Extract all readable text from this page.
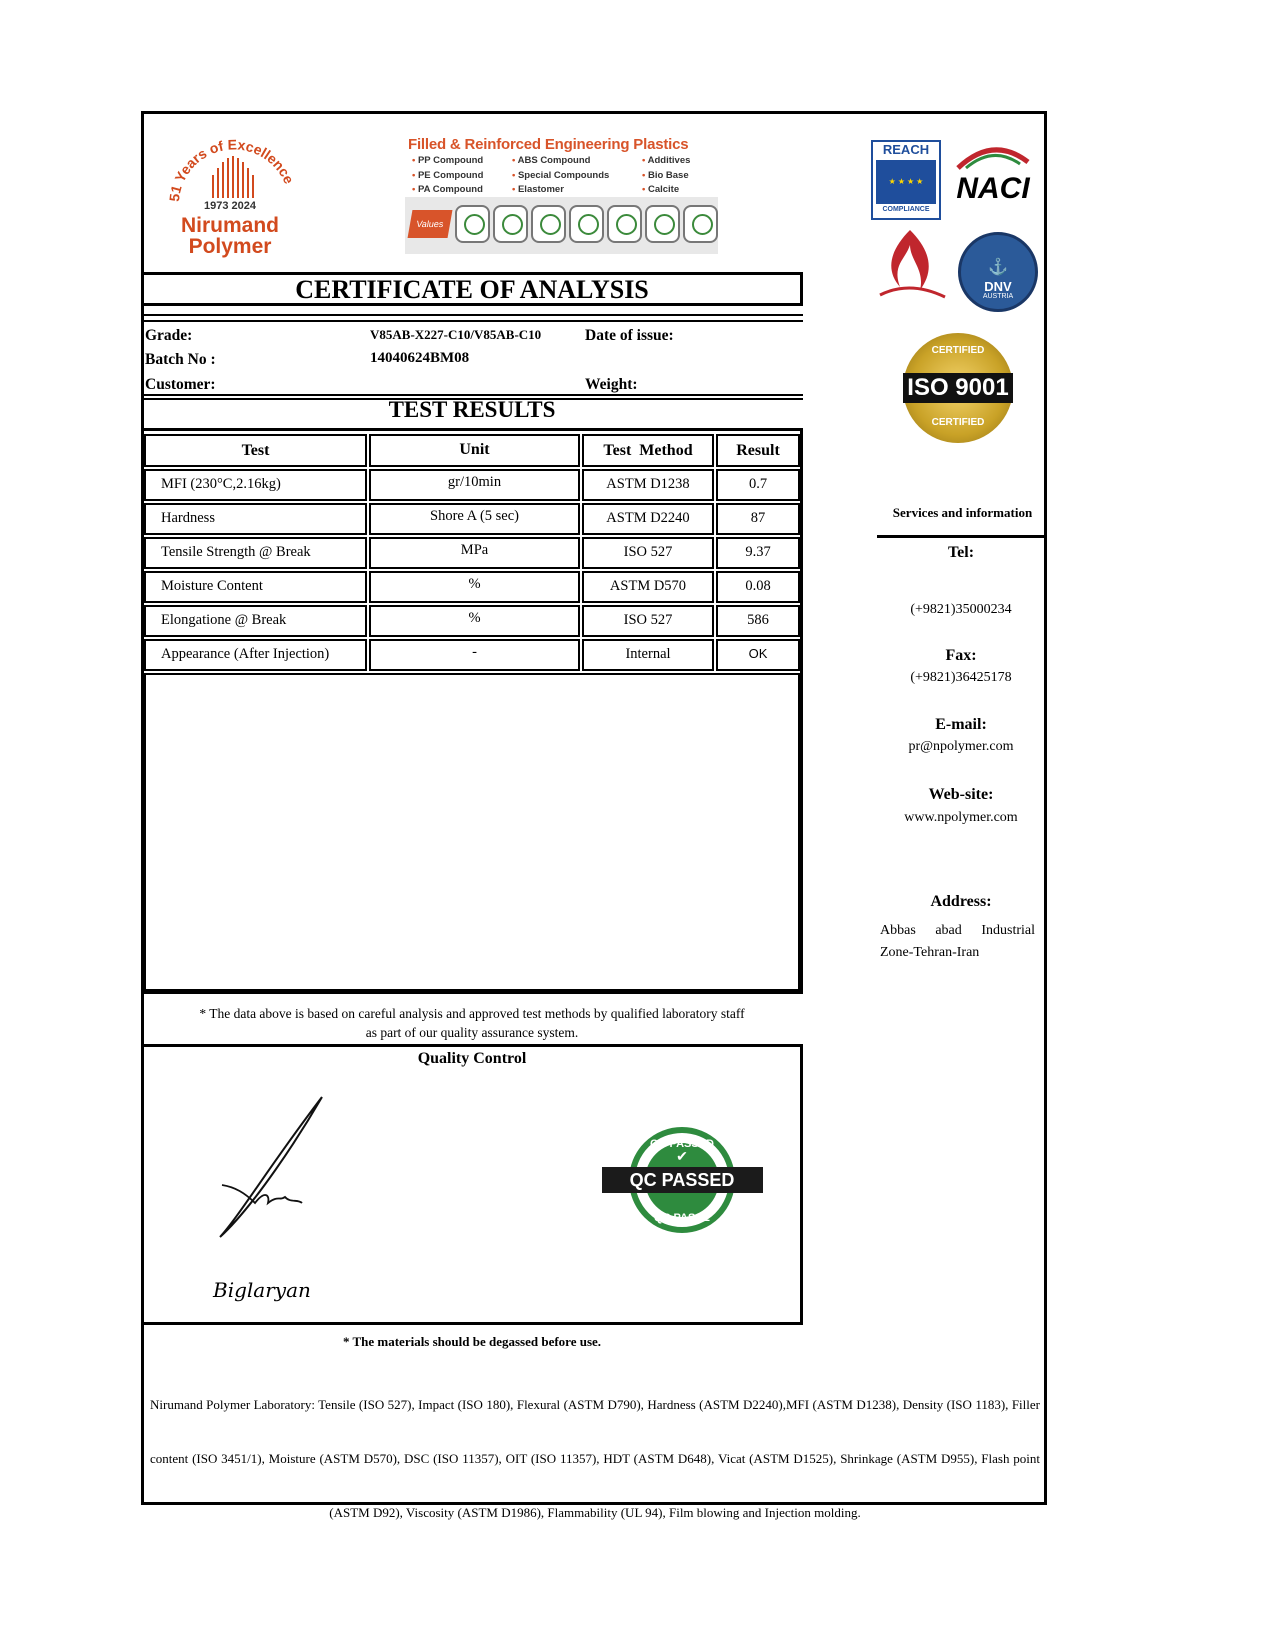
51 Years of Excellence
1973 2024
Nirumand
Polymer
Filled & Reinforced Engineering Plastics
• PP Compound
• PE Compound
• PA Compound
• ABS Compound
• Special Compounds
• Elastomer
• Additives
• Bio Base
• Calcite
Values
REACH
★ ★ ★ ★
COMPLIANCE
NACI
⚓
DNV
AUSTRIA
CERTIFIED
ISO 9001
CERTIFIED
CERTIFICATE OF ANALYSIS
Grade:	V85AB-X227-C10/V85AB-C10	Date of issue:
Batch No :	14040624BM08
Customer:	Weight:
TEST RESULTS
Test	Unit	Test  Method	Result
MFI (230°C,2.16kg)	gr/10min	ASTM D1238	0.7
Hardness	Shore A (5 sec)	ASTM D2240	87
Tensile Strength @ Break	MPa	ISO 527	9.37
Moisture Content	%	ASTM D570	0.08
Elongatione @ Break	%	ISO 527	586
Appearance (After Injection)	-	Internal	OK
* The data above is based on careful analysis and approved test methods by qualified laboratory staff
as part of our quality assurance system.
Quality Control
Biglaryan
QC PASSED
QC PASSED
QC PASSE
✔
* The materials should be degassed before use.
Nirumand Polymer Laboratory: Tensile (ISO 527), Impact (ISO 180), Flexural (ASTM D790), Hardness (ASTM D2240),MFI (ASTM D1238), Density (ISO 1183), Filler content (ISO 3451/1), Moisture (ASTM D570), DSC (ISO 11357), OIT (ISO 11357), HDT (ASTM D648), Vicat (ASTM D1525), Shrinkage (ASTM D955), Flash point (ASTM D92), Viscosity (ASTM D1986), Flammability (UL 94), Film blowing and Injection molding.
Services and information
Tel:
(+9821)35000234
Fax:
(+9821)36425178
E-mail:
pr@npolymer.com
Web-site:
www.npolymer.com
Address:
Abbas abad Industrial Zone-Tehran-Iran
